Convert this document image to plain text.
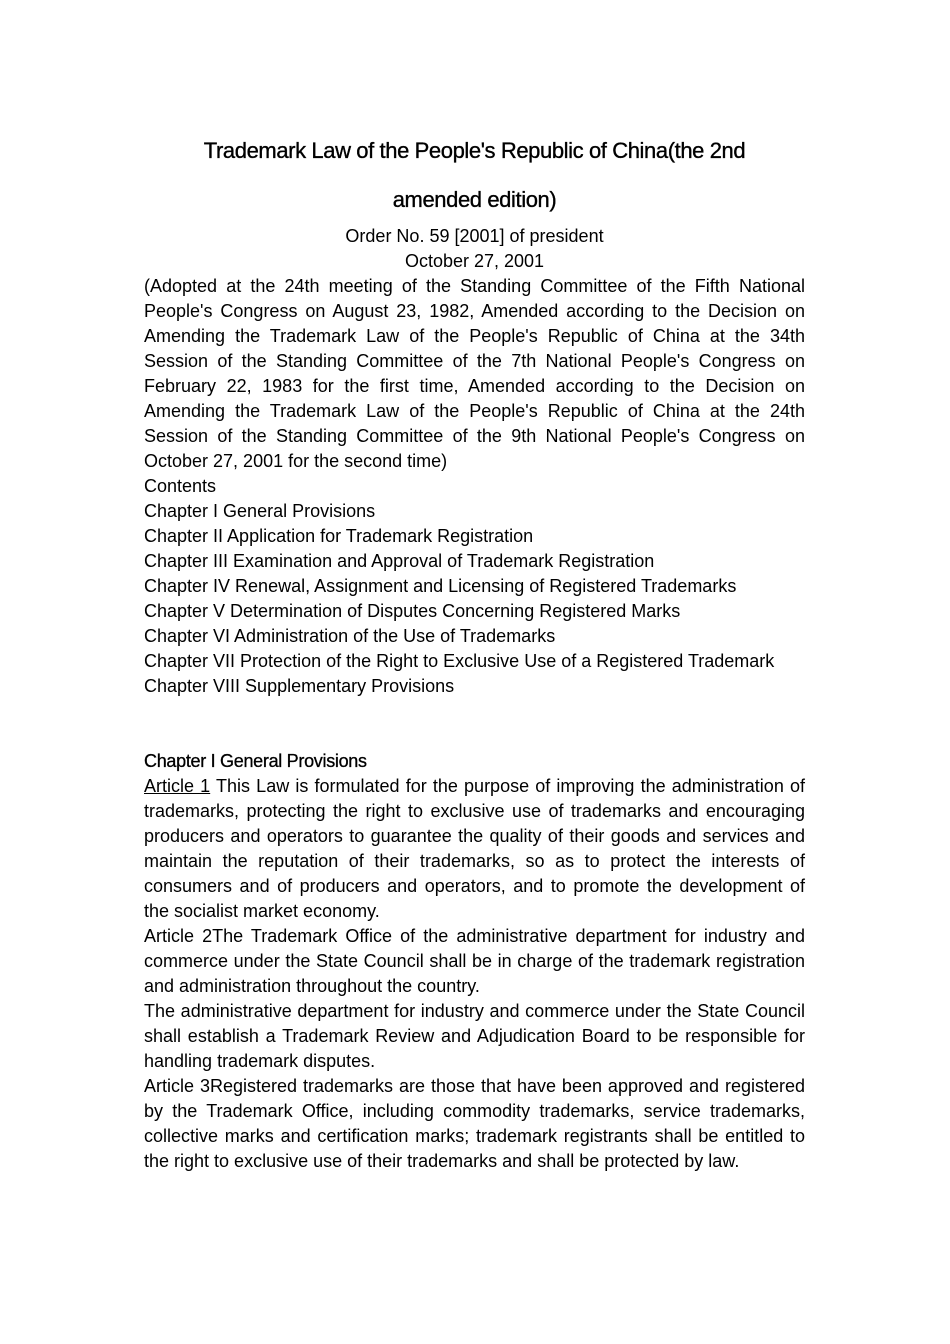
Trademark Law of the People's Republic of China(the 2nd
amended edition)
Order No. 59 [2001] of president
October 27, 2001
(Adopted at the 24th meeting of the Standing Committee of the Fifth National People's Congress on August 23, 1982, Amended according to the Decision on Amending the Trademark Law of the People's Republic of China at the 34th Session of the Standing Committee of the 7th National People's Congress on February 22, 1983 for the first time, Amended according to the Decision on Amending the Trademark Law of the People's Republic of China at the 24th Session of the Standing Committee of the 9th National People's Congress on October 27, 2001 for the second time)
Contents
Chapter I General Provisions
Chapter II Application for Trademark Registration
Chapter III Examination and Approval of Trademark Registration
Chapter IV Renewal, Assignment and Licensing of Registered Trademarks
Chapter V Determination of Disputes Concerning Registered Marks
Chapter VI Administration of the Use of Trademarks
Chapter VII Protection of the Right to Exclusive Use of a Registered Trademark
Chapter VIII Supplementary Provisions
Chapter I General Provisions
Article 1 This Law is formulated for the purpose of improving the administration of trademarks, protecting the right to exclusive use of trademarks and encouraging producers and operators to guarantee the quality of their goods and services and maintain the reputation of their trademarks, so as to protect the interests of consumers and of producers and operators, and to promote the development of the socialist market economy.
Article 2The Trademark Office of the administrative department for industry and commerce under the State Council shall be in charge of the trademark registration and administration throughout the country.
The administrative department for industry and commerce under the State Council shall establish a Trademark Review and Adjudication Board to be responsible for handling trademark disputes.
Article 3Registered trademarks are those that have been approved and registered by the Trademark Office, including commodity trademarks, service trademarks, collective marks and certification marks; trademark registrants shall be entitled to the right to exclusive use of their trademarks and shall be protected by law.
